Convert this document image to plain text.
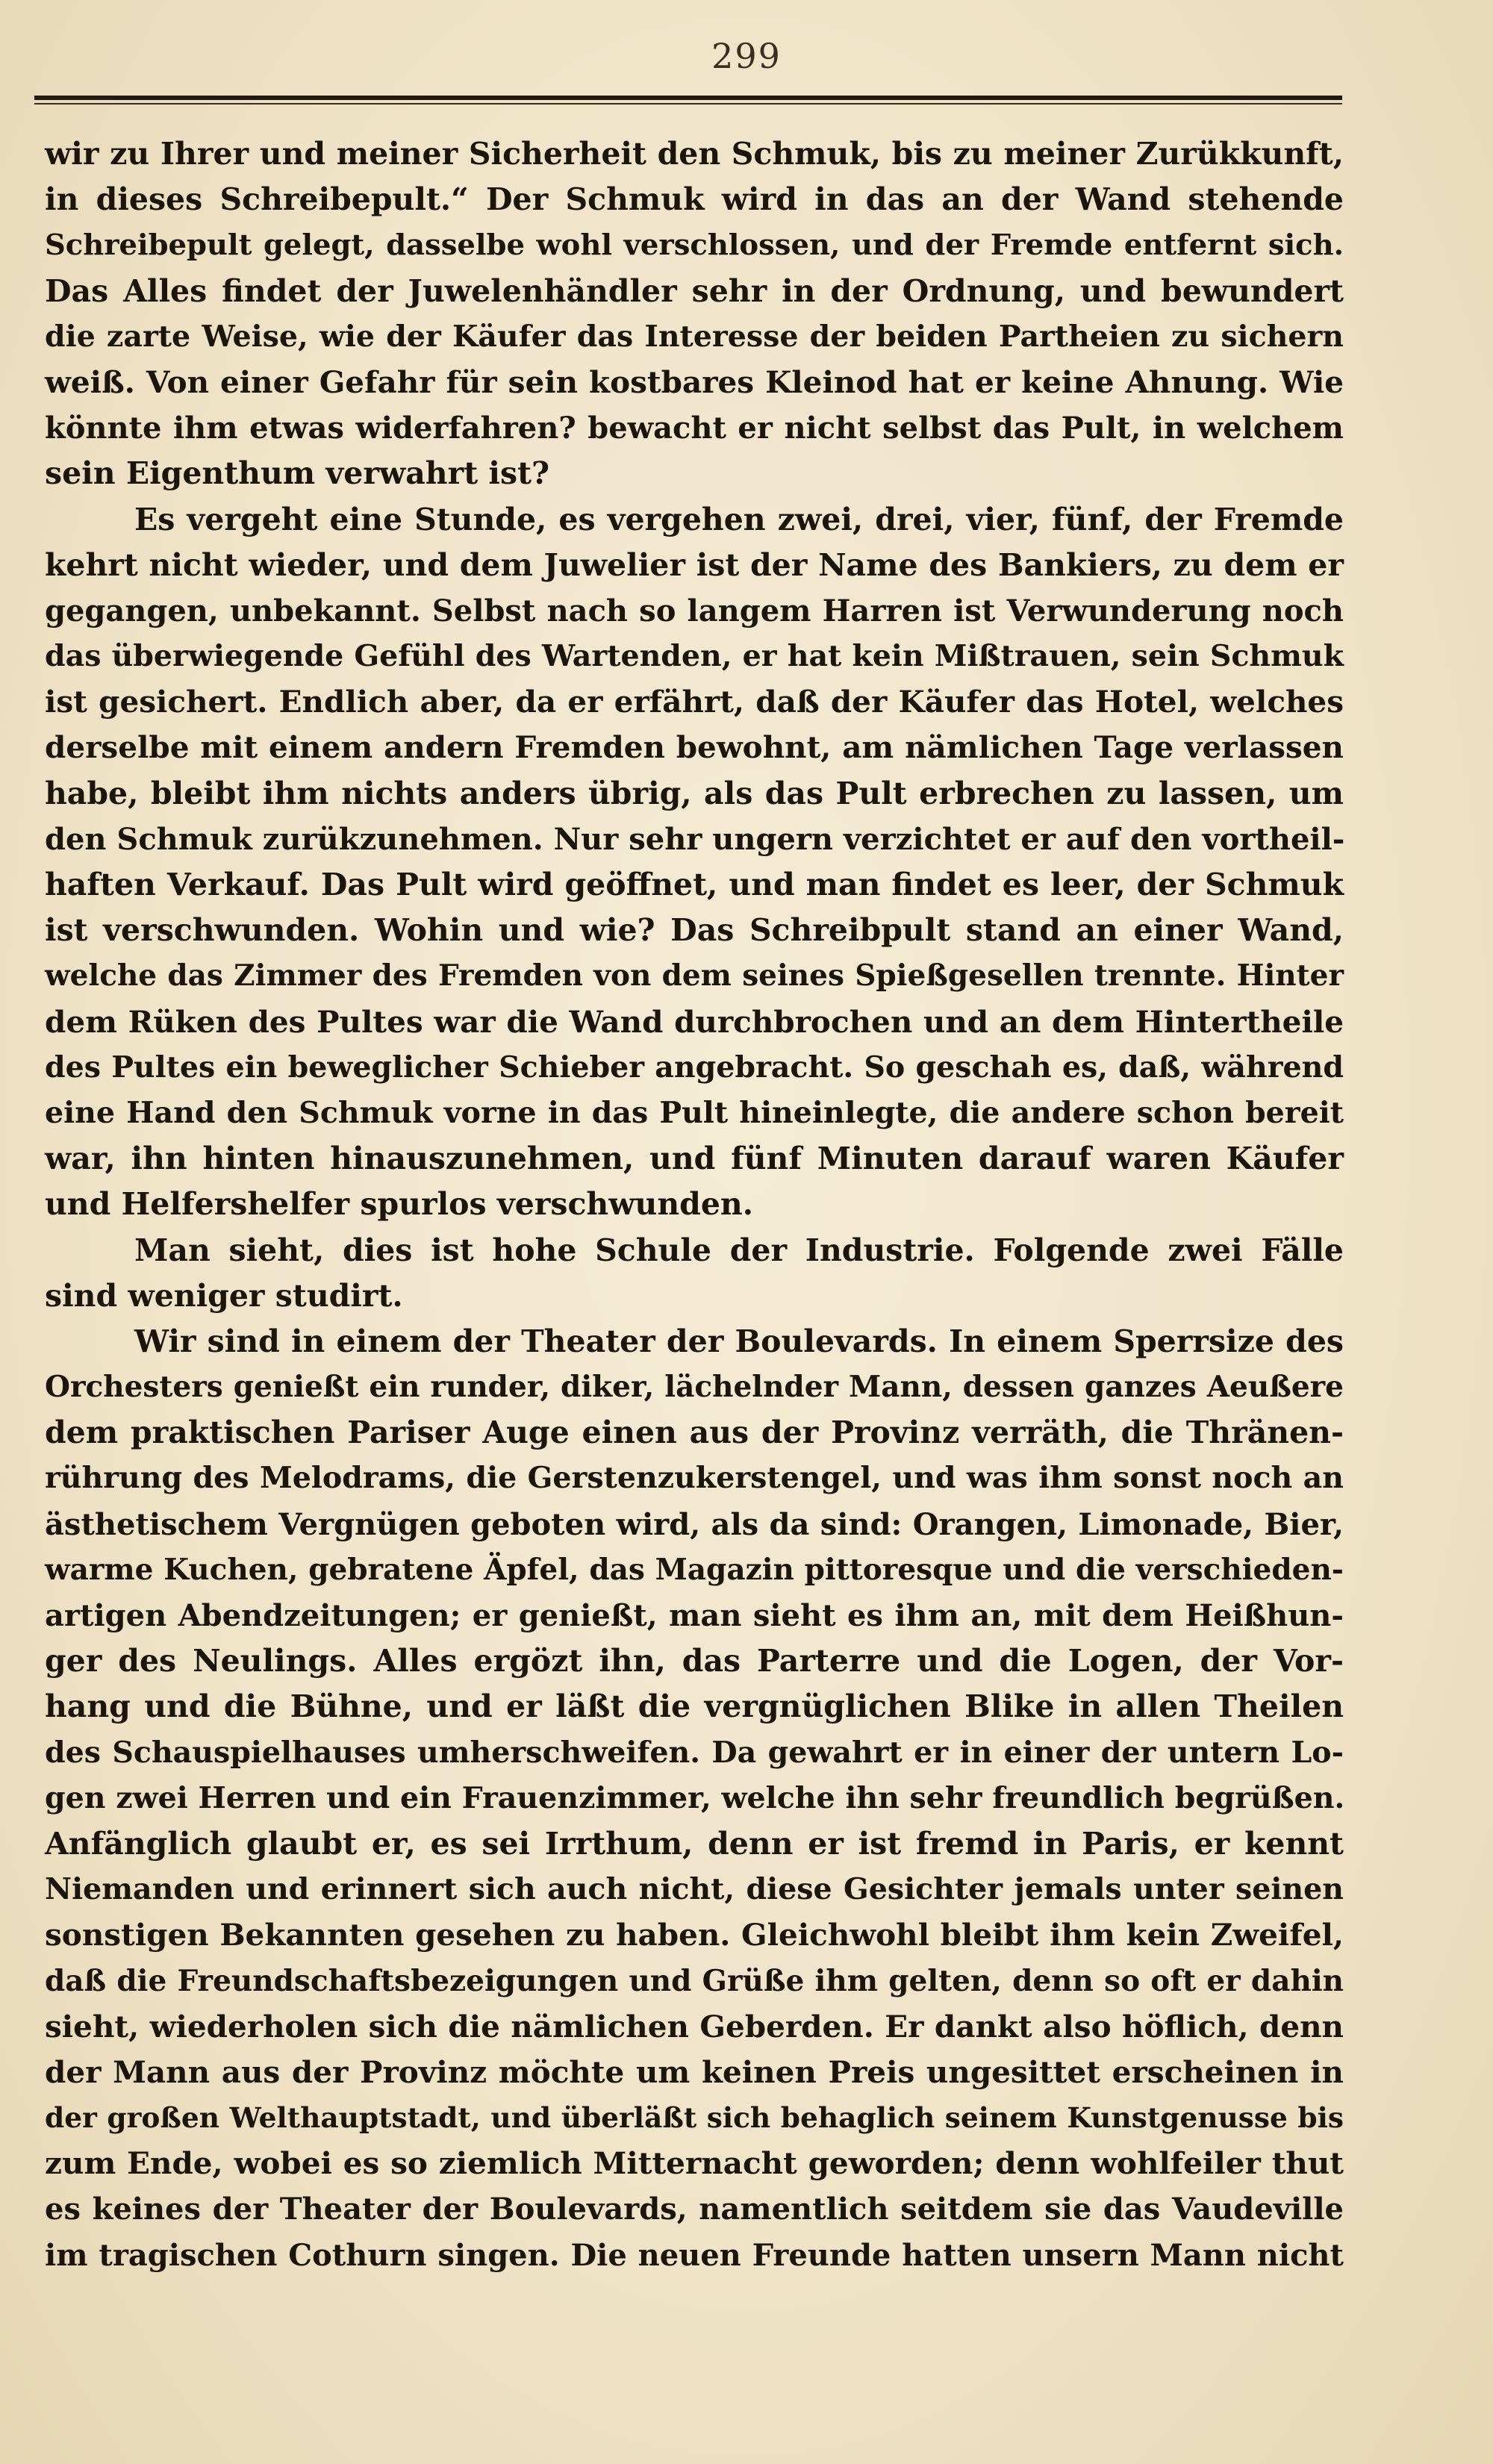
299
wir zu Ihrer und meiner Sicherheit den Schmuk, bis zu meiner Zurükkunft,
in dieses Schreibepult.“ Der Schmuk wird in das an der Wand stehende
Schreibepult gelegt, dasselbe wohl verschlossen, und der Fremde entfernt sich.
Das Alles findet der Juwelenhändler sehr in der Ordnung, und bewundert
die zarte Weise, wie der Käufer das Interesse der beiden Partheien zu sichern
weiß. Von einer Gefahr für sein kostbares Kleinod hat er keine Ahnung. Wie
könnte ihm etwas widerfahren? bewacht er nicht selbst das Pult, in welchem
sein Eigenthum verwahrt ist?
Es vergeht eine Stunde, es vergehen zwei, drei, vier, fünf, der Fremde
kehrt nicht wieder, und dem Juwelier ist der Name des Bankiers, zu dem er
gegangen, unbekannt. Selbst nach so langem Harren ist Verwunderung noch
das überwiegende Gefühl des Wartenden, er hat kein Mißtrauen, sein Schmuk
ist gesichert. Endlich aber, da er erfährt, daß der Käufer das Hotel, welches
derselbe mit einem andern Fremden bewohnt, am nämlichen Tage verlassen
habe, bleibt ihm nichts anders übrig, als das Pult erbrechen zu lassen, um
den Schmuk zurükzunehmen. Nur sehr ungern verzichtet er auf den vortheil-
haften Verkauf. Das Pult wird geöffnet, und man findet es leer, der Schmuk
ist verschwunden. Wohin und wie? Das Schreibpult stand an einer Wand,
welche das Zimmer des Fremden von dem seines Spießgesellen trennte. Hinter
dem Rüken des Pultes war die Wand durchbrochen und an dem Hintertheile
des Pultes ein beweglicher Schieber angebracht. So geschah es, daß, während
eine Hand den Schmuk vorne in das Pult hineinlegte, die andere schon bereit
war, ihn hinten hinauszunehmen, und fünf Minuten darauf waren Käufer
und Helfershelfer spurlos verschwunden.
Man sieht, dies ist hohe Schule der Industrie. Folgende zwei Fälle
sind weniger studirt.
Wir sind in einem der Theater der Boulevards. In einem Sperrsize des
Orchesters genießt ein runder, diker, lächelnder Mann, dessen ganzes Aeußere
dem praktischen Pariser Auge einen aus der Provinz verräth, die Thränen-
rührung des Melodrams, die Gerstenzukerstengel, und was ihm sonst noch an
ästhetischem Vergnügen geboten wird, als da sind: Orangen, Limonade, Bier,
warme Kuchen, gebratene Äpfel, das Magazin pittoresque und die verschieden-
artigen Abendzeitungen; er genießt, man sieht es ihm an, mit dem Heißhun-
ger des Neulings. Alles ergözt ihn, das Parterre und die Logen, der Vor-
hang und die Bühne, und er läßt die vergnüglichen Blike in allen Theilen
des Schauspielhauses umherschweifen. Da gewahrt er in einer der untern Lo-
gen zwei Herren und ein Frauenzimmer, welche ihn sehr freundlich begrüßen.
Anfänglich glaubt er, es sei Irrthum, denn er ist fremd in Paris, er kennt
Niemanden und erinnert sich auch nicht, diese Gesichter jemals unter seinen
sonstigen Bekannten gesehen zu haben. Gleichwohl bleibt ihm kein Zweifel,
daß die Freundschaftsbezeigungen und Grüße ihm gelten, denn so oft er dahin
sieht, wiederholen sich die nämlichen Geberden. Er dankt also höflich, denn
der Mann aus der Provinz möchte um keinen Preis ungesittet erscheinen in
der großen Welthauptstadt, und überläßt sich behaglich seinem Kunstgenusse bis
zum Ende, wobei es so ziemlich Mitternacht geworden; denn wohlfeiler thut
es keines der Theater der Boulevards, namentlich seitdem sie das Vaudeville
im tragischen Cothurn singen. Die neuen Freunde hatten unsern Mann nicht
